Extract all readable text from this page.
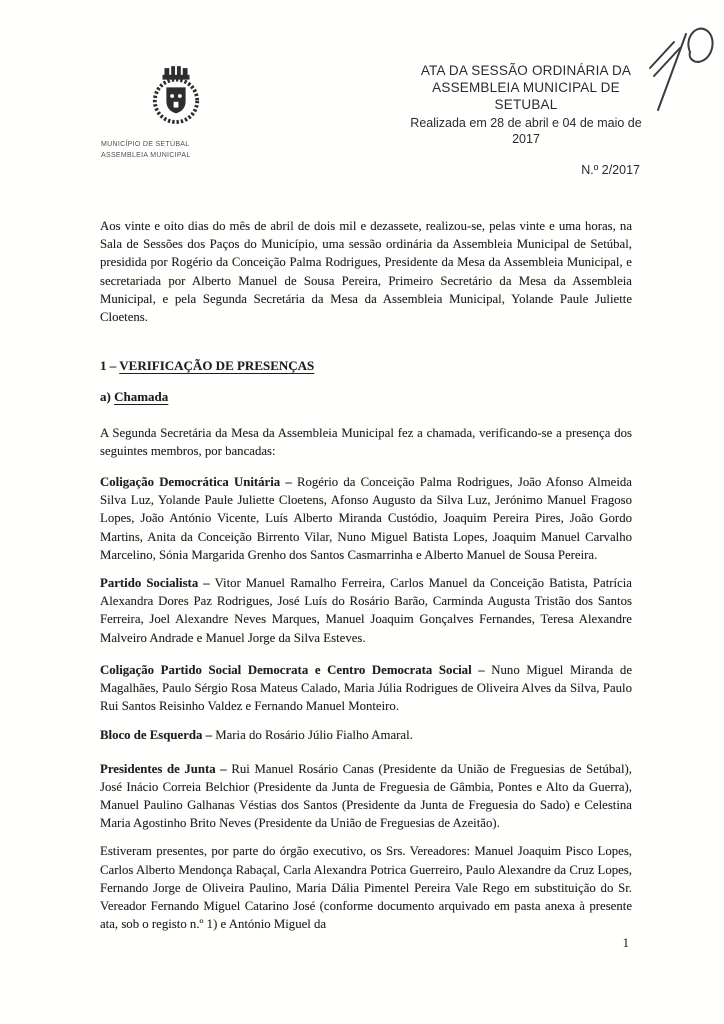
MUNICÍPIO DE SETÚBAL
ASSEMBLEIA MUNICIPAL
ATA DA SESSÃO ORDINÁRIA DA ASSEMBLEIA MUNICIPAL DE SETUBAL
Realizada em 28 de abril e 04 de maio de 2017
N.º 2/2017

Aos vinte e oito dias do mês de abril de dois mil e dezassete, realizou-se, pelas vinte e uma horas, na Sala de Sessões dos Paços do Município, uma sessão ordinária da Assembleia Municipal de Setúbal, presidida por Rogério da Conceição Palma Rodrigues, Presidente da Mesa da Assembleia Municipal, e secretariada por Alberto Manuel de Sousa Pereira, Primeiro Secretário da Mesa da Assembleia Municipal, e pela Segunda Secretária da Mesa da Assembleia Municipal, Yolande Paule Juliette Cloetens.

1 – VERIFICAÇÃO DE PRESENÇAS
a) Chamada

A Segunda Secretária da Mesa da Assembleia Municipal fez a chamada, verificando-se a presença dos seguintes membros, por bancadas:

Coligação Democrática Unitária – Rogério da Conceição Palma Rodrigues, João Afonso Almeida Silva Luz, Yolande Paule Juliette Cloetens, Afonso Augusto da Silva Luz, Jerónimo Manuel Fragoso Lopes, João António Vicente, Luís Alberto Miranda Custódio, Joaquim Pereira Pires, João Gordo Martins, Anita da Conceição Birrento Vilar, Nuno Miguel Batista Lopes, Joaquim Manuel Carvalho Marcelino, Sónia Margarida Grenho dos Santos Casmarrinha e Alberto Manuel de Sousa Pereira.

Partido Socialista – Vitor Manuel Ramalho Ferreira, Carlos Manuel da Conceição Batista, Patrícia Alexandra Dores Paz Rodrigues, José Luís do Rosário Barão, Carminda Augusta Tristão dos Santos Ferreira, Joel Alexandre Neves Marques, Manuel Joaquim Gonçalves Fernandes, Teresa Alexandre Malveiro Andrade e Manuel Jorge da Silva Esteves.

Coligação Partido Social Democrata e Centro Democrata Social – Nuno Miguel Miranda de Magalhães, Paulo Sérgio Rosa Mateus Calado, Maria Júlia Rodrigues de Oliveira Alves da Silva, Paulo Rui Santos Reisinho Valdez e Fernando Manuel Monteiro.

Bloco de Esquerda – Maria do Rosário Júlio Fialho Amaral.

Presidentes de Junta – Rui Manuel Rosário Canas (Presidente da União de Freguesias de Setúbal), José Inácio Correia Belchior (Presidente da Junta de Freguesia de Gâmbia, Pontes e Alto da Guerra), Manuel Paulino Galhanas Véstias dos Santos (Presidente da Junta de Freguesia do Sado) e Celestina Maria Agostinho Brito Neves (Presidente da União de Freguesias de Azeitão).

Estiveram presentes, por parte do órgão executivo, os Srs. Vereadores: Manuel Joaquim Pisco Lopes, Carlos Alberto Mendonça Rabaçal, Carla Alexandra Potrica Guerreiro, Paulo Alexandre da Cruz Lopes, Fernando Jorge de Oliveira Paulino, Maria Dália Pimentel Pereira Vale Rego em substituição do Sr. Vereador Fernando Miguel Catarino José (conforme documento arquivado em pasta anexa à presente ata, sob o registo n.º 1) e António Miguel da

1
